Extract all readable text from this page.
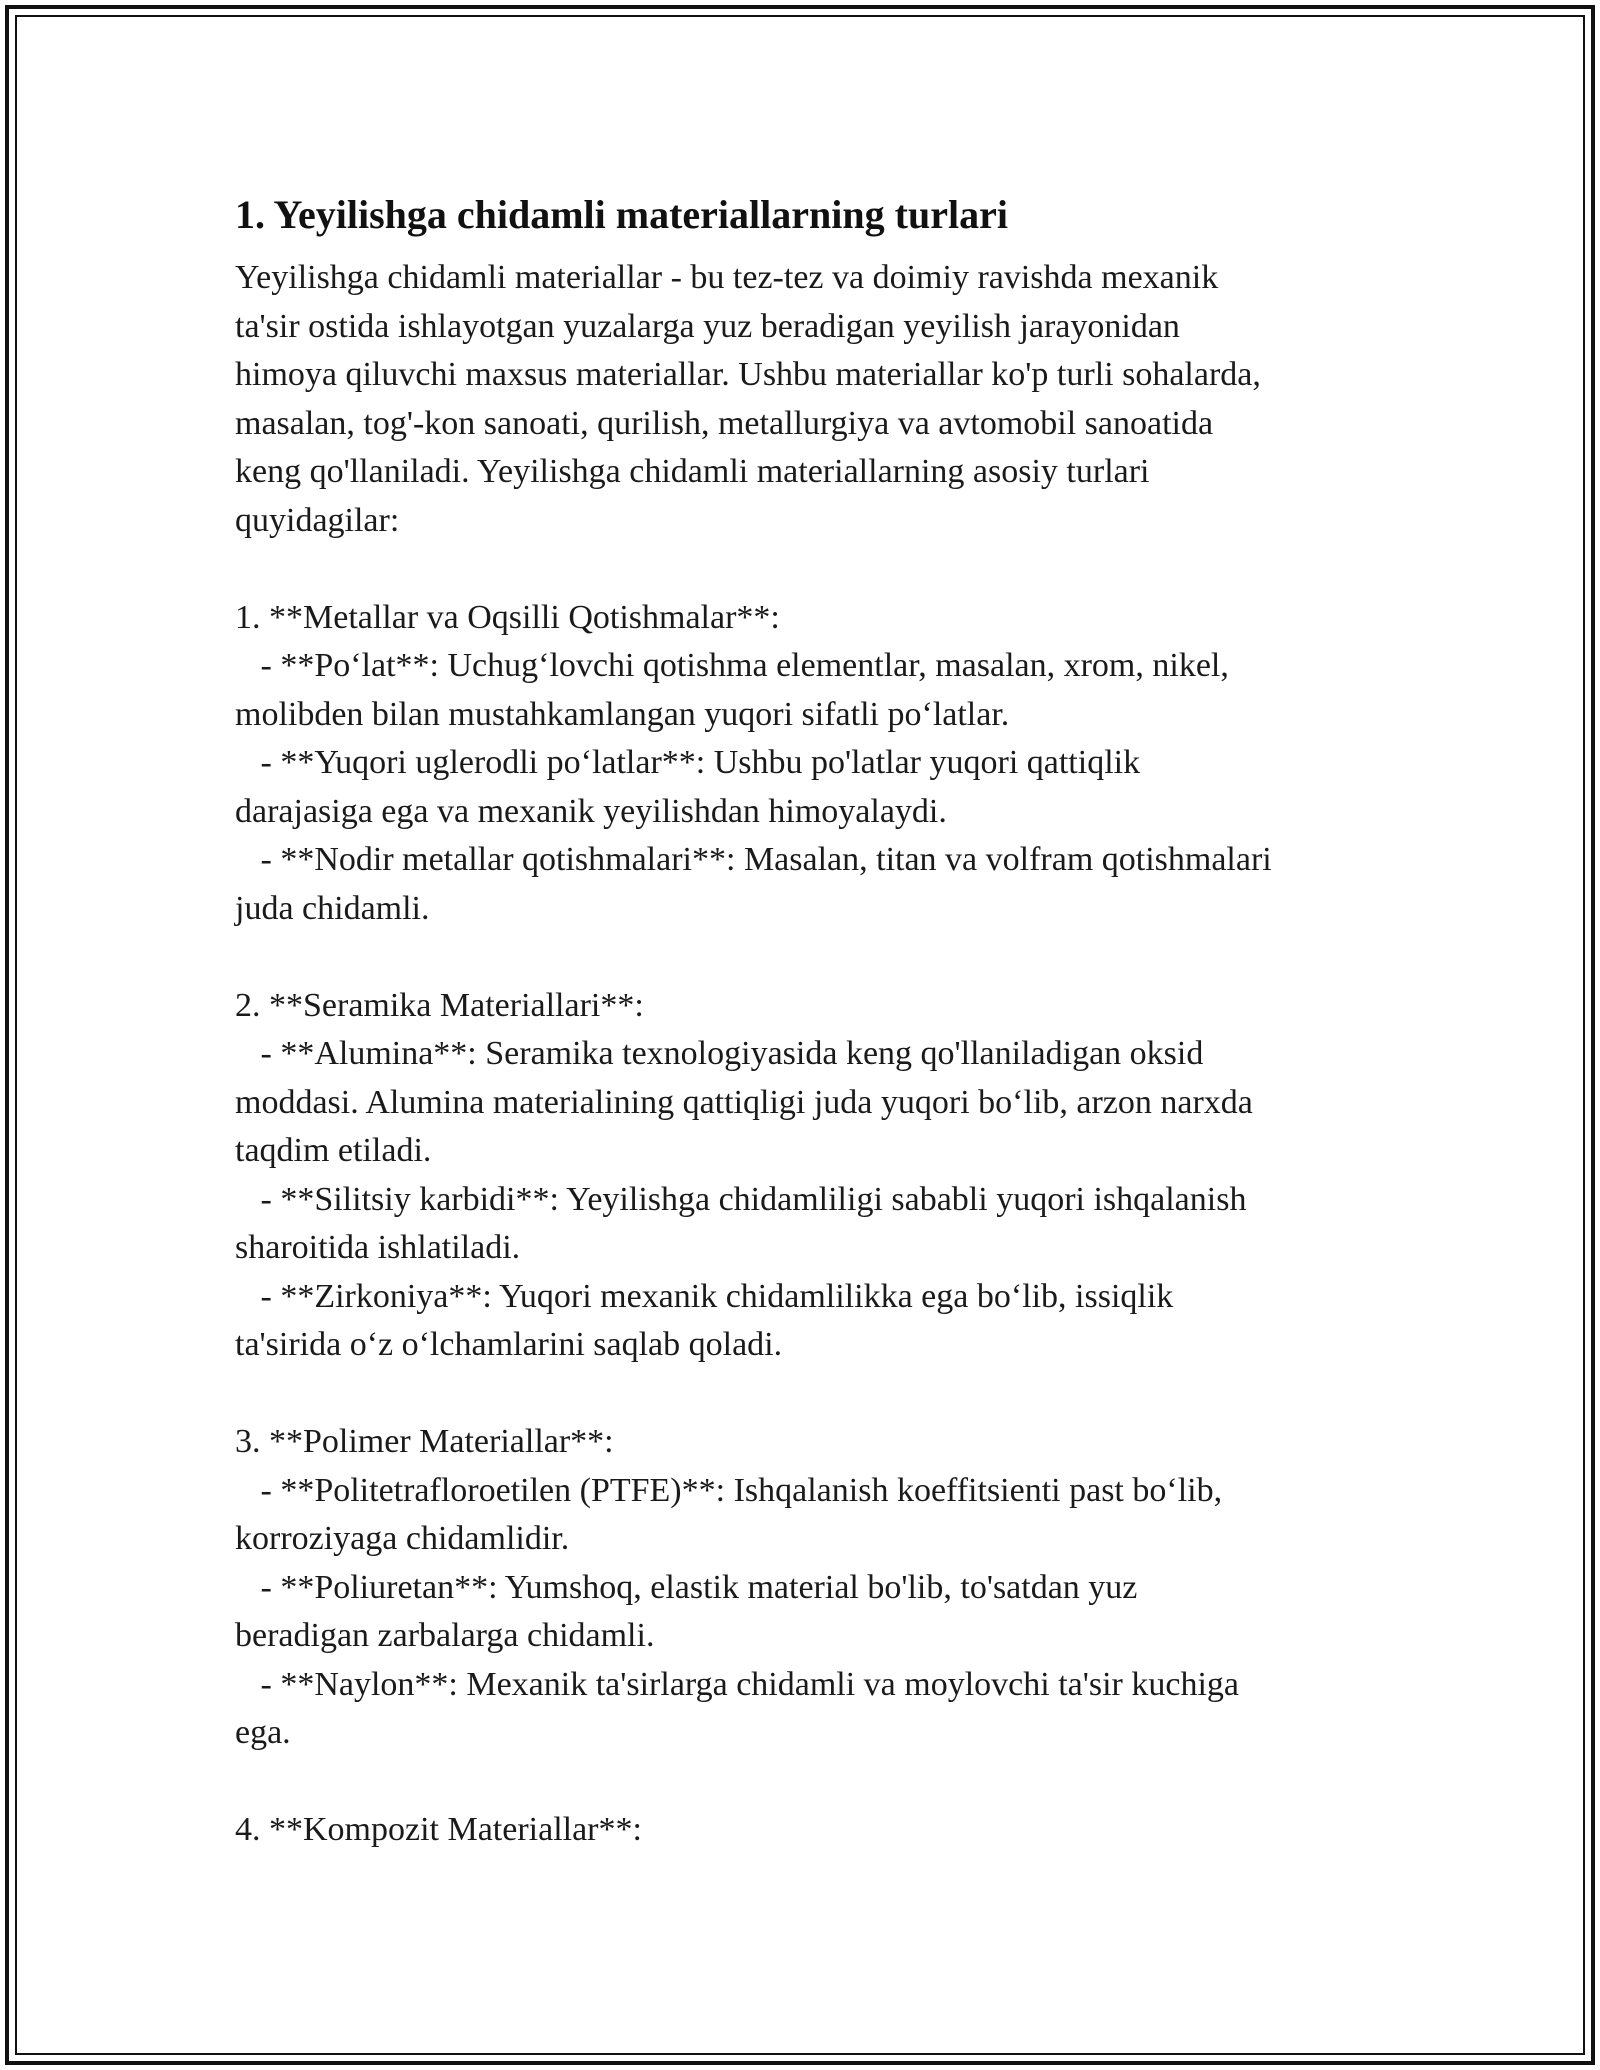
1. Yeyilishga chidamli materiallarning turlari

Yeyilishga chidamli materiallar - bu tez-tez va doimiy ravishda mexanik
ta'sir ostida ishlayotgan yuzalarga yuz beradigan yeyilish jarayonidan
himoya qiluvchi maxsus materiallar. Ushbu materiallar ko'p turli sohalarda,
masalan, tog'-kon sanoati, qurilish, metallurgiya va avtomobil sanoatida
keng qo'llaniladi. Yeyilishga chidamli materiallarning asosiy turlari
quyidagilar:

1. **Metallar va Oqsilli Qotishmalar**:
- **Po‘lat**: Uchug‘lovchi qotishma elementlar, masalan, xrom, nikel,
molibden bilan mustahkamlangan yuqori sifatli po‘latlar.
- **Yuqori uglerodli po‘latlar**: Ushbu po'latlar yuqori qattiqlik
darajasiga ega va mexanik yeyilishdan himoyalaydi.
- **Nodir metallar qotishmalari**: Masalan, titan va volfram qotishmalari
juda chidamli.

2. **Seramika Materiallari**:
- **Alumina**: Seramika texnologiyasida keng qo'llaniladigan oksid
moddasi. Alumina materialining qattiqligi juda yuqori bo‘lib, arzon narxda
taqdim etiladi.
- **Silitsiy karbidi**: Yeyilishga chidamliligi sababli yuqori ishqalanish
sharoitida ishlatiladi.
- **Zirkoniya**: Yuqori mexanik chidamlilikka ega bo‘lib, issiqlik
ta'sirida o‘z o‘lchamlarini saqlab qoladi.

3. **Polimer Materiallar**:
- **Politetrafloroetilen (PTFE)**: Ishqalanish koeffitsienti past bo‘lib,
korroziyaga chidamlidir.
- **Poliuretan**: Yumshoq, elastik material bo'lib, to'satdan yuz
beradigan zarbalarga chidamli.
- **Naylon**: Mexanik ta'sirlarga chidamli va moylovchi ta'sir kuchiga
ega.

4. **Kompozit Materiallar**:
